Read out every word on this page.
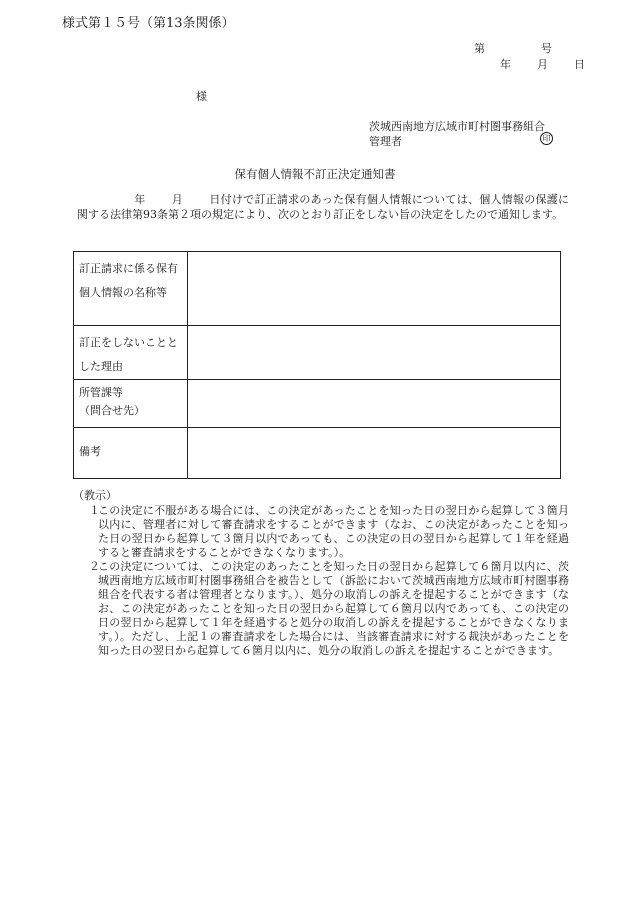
様式第１５号（第13条関係）
第	号
年 月 日
様
茨城西南地方広域市町村圏事務組合
管理者	印
保有個人情報不訂正決定通知書
年 月 日付けで訂正請求のあった保有個人情報については、個人情報の保護に関する法律第93条第２項の規定により、次のとおり訂正をしない旨の決定をしたので通知します。
訂正請求に係る保有個人情報の名称等	
訂正をしないこととした理由	

所管課等
（問合せ先）	

備考	
（教示）
１
この決定に不服がある場合には、この決定があったことを知った日の翌日から起算して３箇月以内に、管理者に対して審査請求をすることができます（なお、この決定があったことを知った日の翌日から起算して３箇月以内であっても、この決定の日の翌日から起算して１年を経過すると審査請求をすることができなくなります。）。
２
この決定については、この決定のあったことを知った日の翌日から起算して６箇月以内に、茨城西南地方広域市町村圏事務組合を被告として（訴訟において茨城西南地方広域市町村圏事務組合を代表する者は管理者となります。）、処分の取消しの訴えを提起することができます（なお、この決定があったことを知った日の翌日から起算して６箇月以内であっても、この決定の日の翌日から起算して１年を経過すると処分の取消しの訴えを提起することができなくなります。）。ただし、上記１の審査請求をした場合には、当該審査請求に対する裁決があったことを知った日の翌日から起算して６箇月以内に、処分の取消しの訴えを提起することができます。
